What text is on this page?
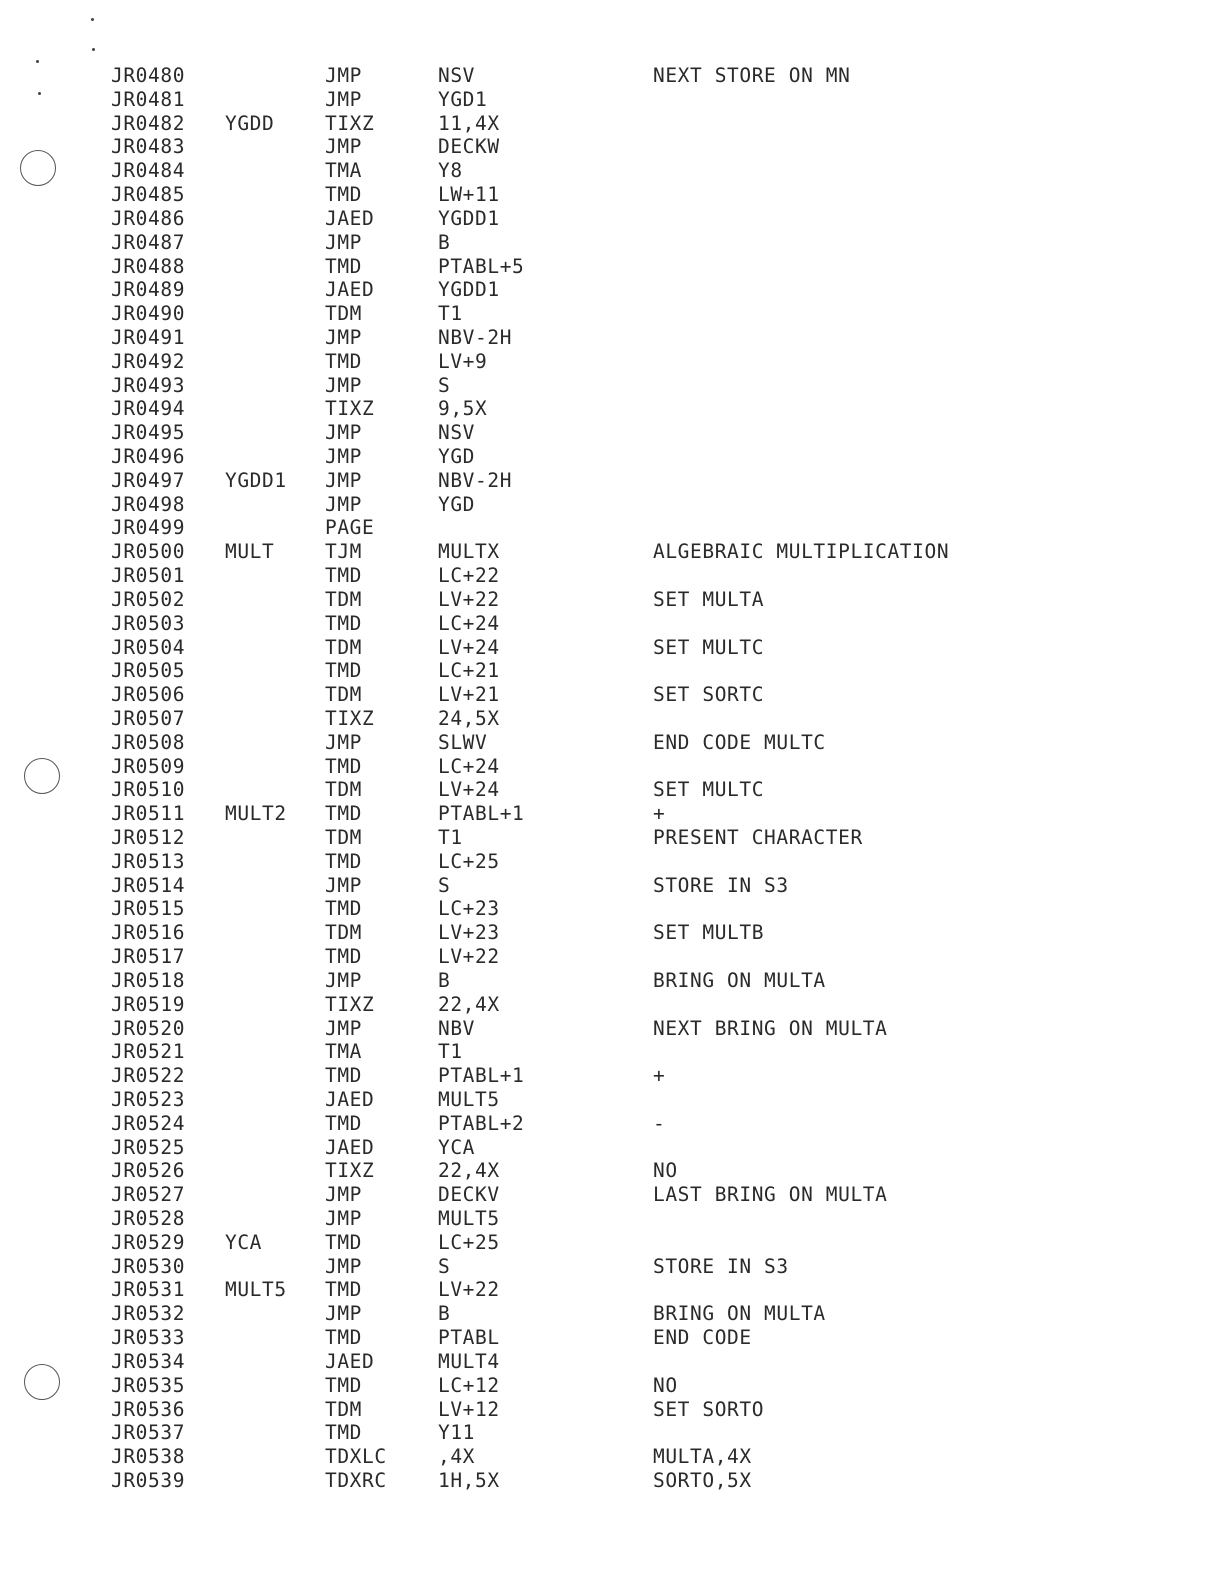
JR0480	JMP	NSV	NEXT STORE ON MN
JR0481	JMP	YGD1
JR0482 YGDD	TIXZ	11,4X
JR0483	JMP	DECKW
JR0484	TMA	Y8
JR0485	TMD	LW+11
JR0486	JAED	YGDD1
JR0487	JMP	B
JR0488	TMD	PTABL+5
JR0489	JAED	YGDD1
JR0490	TDM	T1
JR0491	JMP	NBV-2H
JR0492	TMD	LV+9
JR0493	JMP	S
JR0494	TIXZ	9,5X
JR0495	JMP	NSV
JR0496	JMP	YGD
JR0497 YGDD1 JMP	NBV-2H
JR0498	JMP	YGD
JR0499	PAGE
JR0500 MULT	TJM	MULTX	ALGEBRAIC MULTIPLICATION
JR0501	TMD	LC+22
JR0502	TDM	LV+22	SET MULTA
JR0503	TMD	LC+24
JR0504	TDM	LV+24	SET MULTC
JR0505	TMD	LC+21
JR0506	TDM	LV+21	SET SORTC
JR0507	TIXZ	24,5X
JR0508	JMP	SLWV	END CODE MULTC
JR0509	TMD	LC+24
JR0510	TDM	LV+24	SET MULTC
JR0511 MULT2 TMD	PTABL+1	+
JR0512	TDM	T1	PRESENT CHARACTER
JR0513	TMD	LC+25
JR0514	JMP	S	STORE IN S3
JR0515	TMD	LC+23
JR0516	TDM	LV+23	SET MULTB
JR0517	TMD	LV+22
JR0518	JMP	B	BRING ON MULTA
JR0519	TIXZ	22,4X
JR0520	JMP	NBV	NEXT BRING ON MULTA
JR0521	TMA	T1
JR0522	TMD	PTABL+1	+
JR0523	JAED	MULT5
JR0524	TMD	PTABL+2	-
JR0525	JAED	YCA
JR0526	TIXZ	22,4X	NO
JR0527	JMP	DECKV	LAST BRING ON MULTA
JR0528	JMP	MULT5
JR0529 YCA	TMD	LC+25
JR0530	JMP	S	STORE IN S3
JR0531 MULT5 TMD	LV+22
JR0532	JMP	B	BRING ON MULTA
JR0533	TMD	PTABL	END CODE
JR0534	JAED	MULT4
JR0535	TMD	LC+12	NO
JR0536	TDM	LV+12	SET SORTO
JR0537	TMD	Y11
JR0538	TDXLC	,4X	MULTA,4X
JR0539	TDXRC	1H,5X	SORTO,5X
